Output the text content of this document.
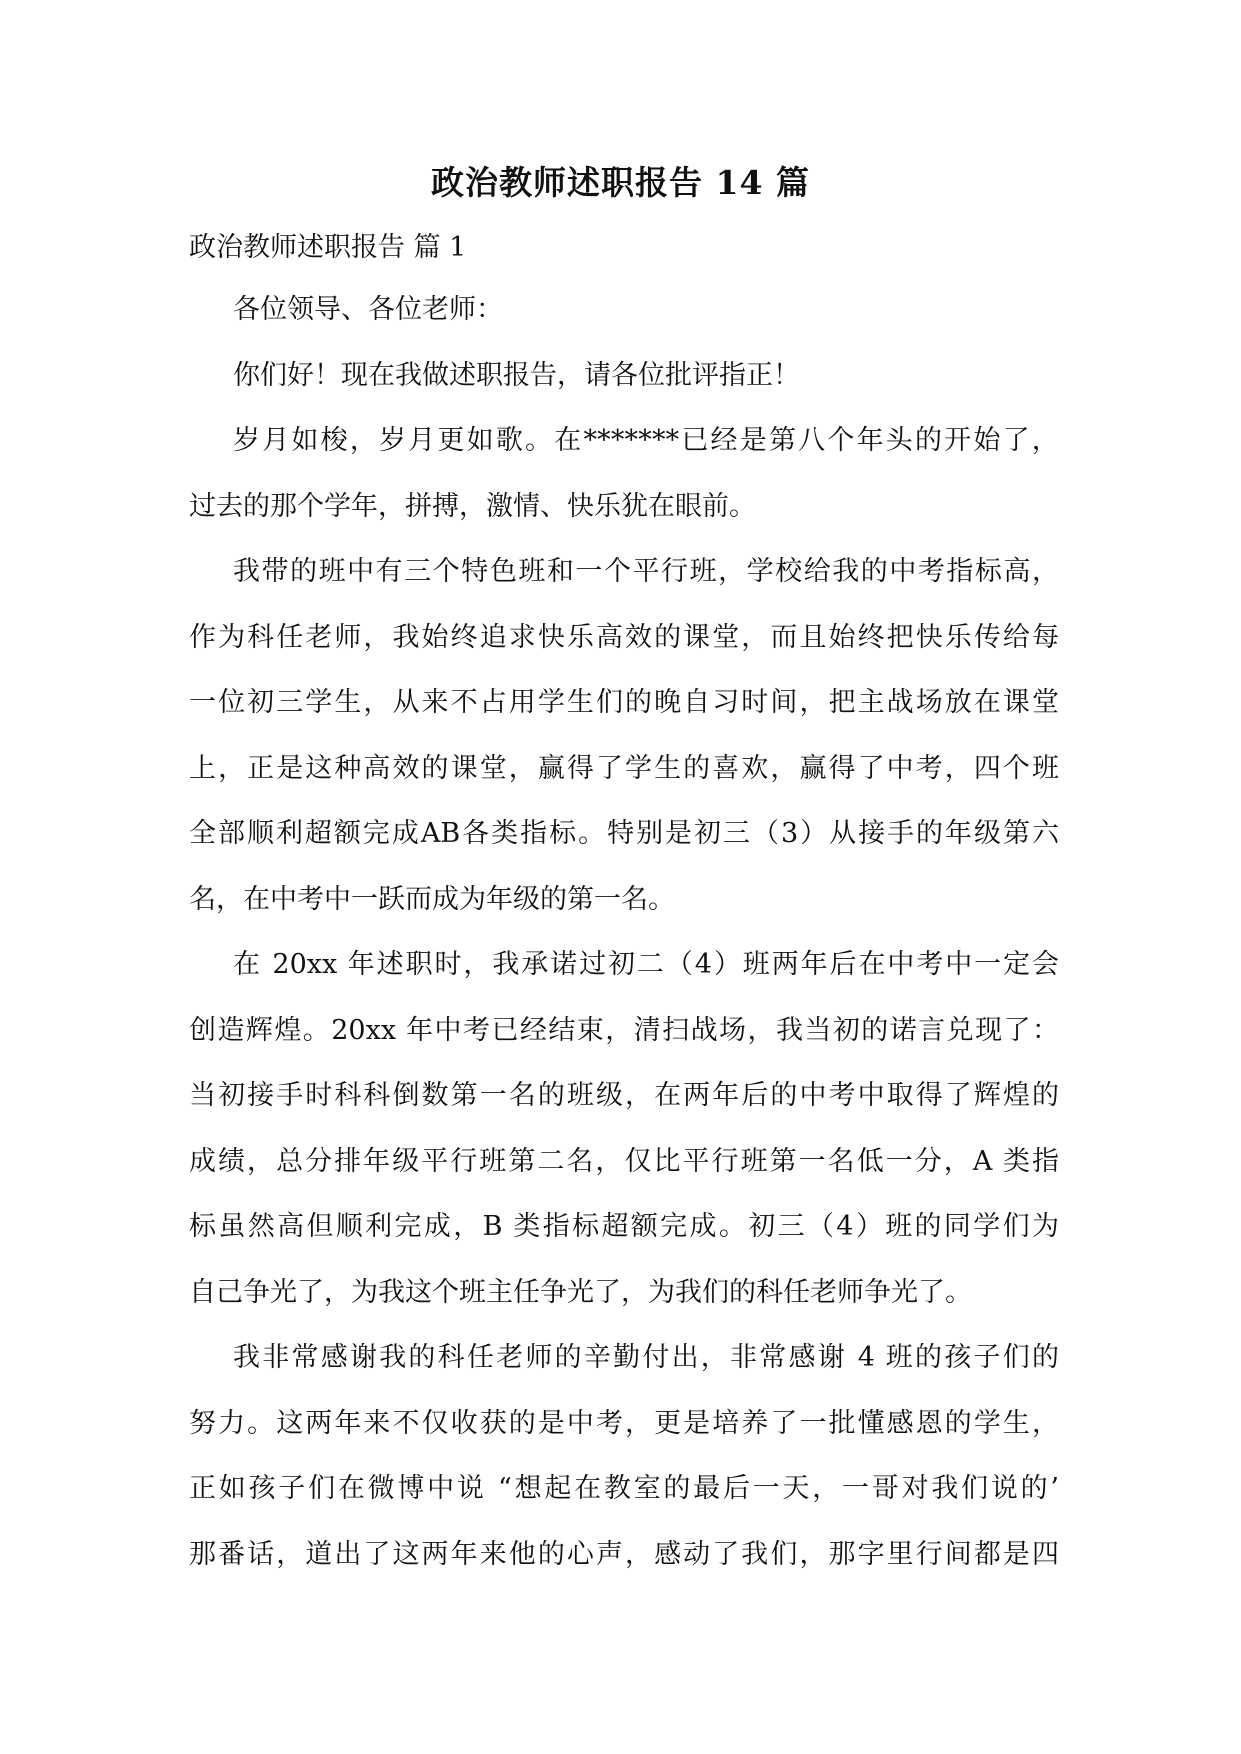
政治教师述职报告 14 篇

政治教师述职报告 篇 1

各位领导、各位老师：
你们好！现在我做述职报告，请各位批评指正！
岁月如梭，岁月更如歌。在*******已经是第八个年头的开始了，
过去的那个学年，拼搏，激情、快乐犹在眼前。
我带的班中有三个特色班和一个平行班，学校给我的中考指标高，
作为科任老师，我始终追求快乐高效的课堂，而且始终把快乐传给每
一位初三学生，从来不占用学生们的晚自习时间，把主战场放在课堂
上，正是这种高效的课堂，赢得了学生的喜欢，赢得了中考，四个班
全部顺利超额完成AB各类指标。特别是初三（3）从接手的年级第六
名，在中考中一跃而成为年级的第一名。
在 20xx 年述职时，我承诺过初二（4）班两年后在中考中一定会
创造辉煌。20xx 年中考已经结束，清扫战场，我当初的诺言兑现了：
当初接手时科科倒数第一名的班级，在两年后的中考中取得了辉煌的
成绩，总分排年级平行班第二名，仅比平行班第一名低一分，A 类指
标虽然高但顺利完成，B 类指标超额完成。初三（4）班的同学们为
自己争光了，为我这个班主任争光了，为我们的科任老师争光了。
我非常感谢我的科任老师的辛勤付出，非常感谢 4 班的孩子们的
努力。这两年来不仅收获的是中考，更是培养了一批懂感恩的学生，
正如孩子们在微博中说 “想起在教室的最后一天，一哥对我们说的’
那番话，道出了这两年来他的心声，感动了我们，那字里行间都是四
